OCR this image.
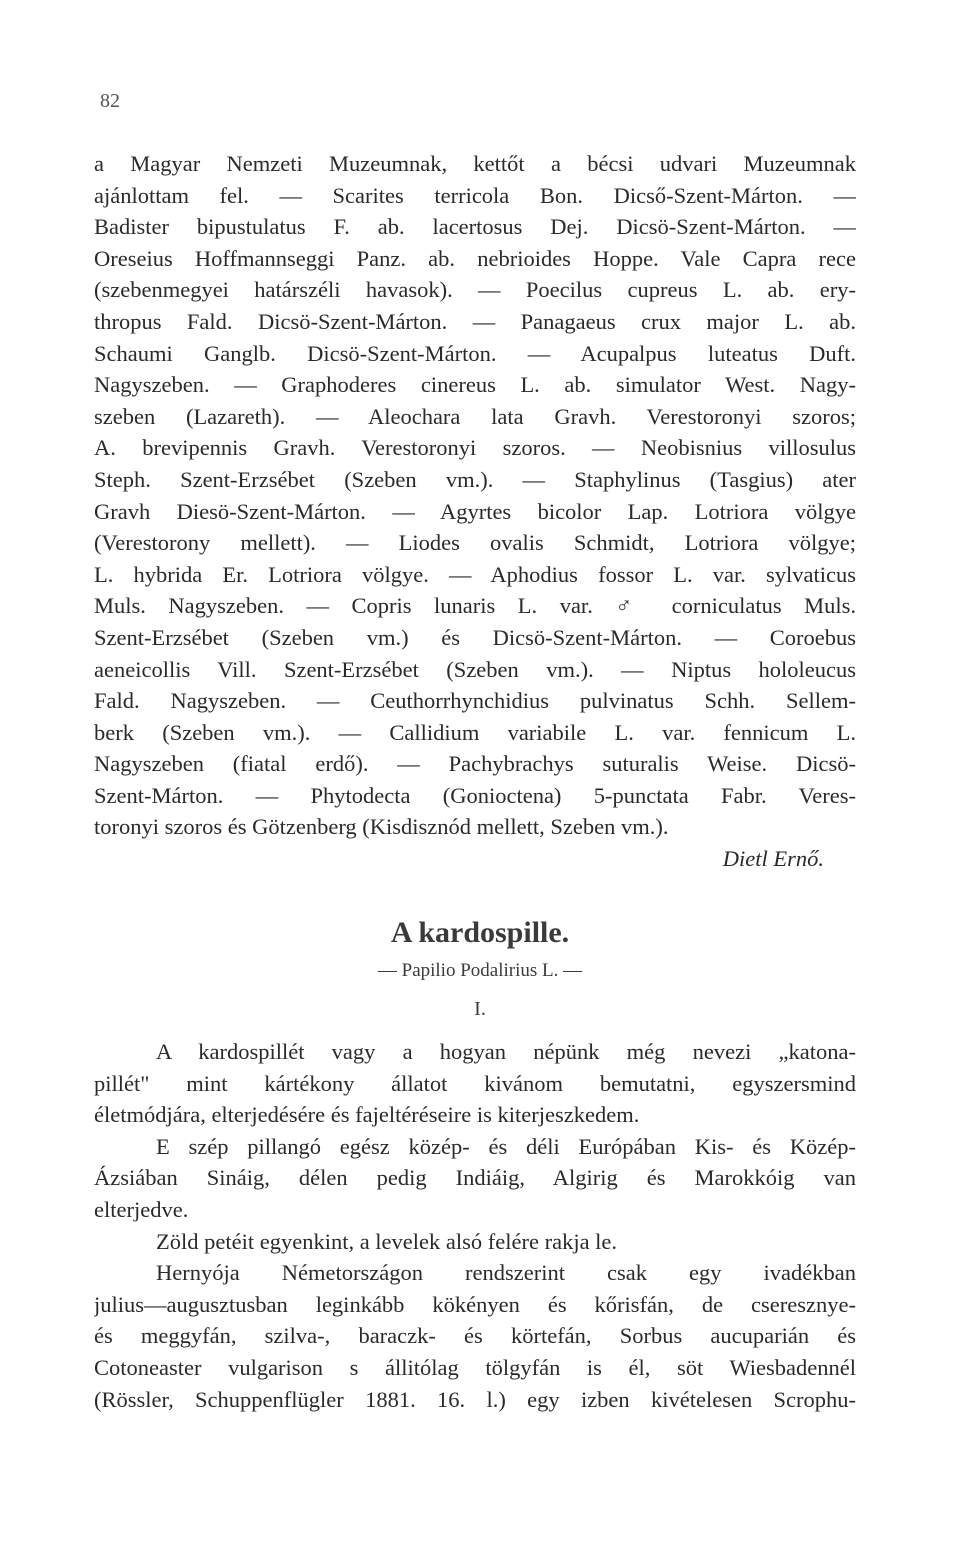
82
a Magyar Nemzeti Muzeumnak, kettőt a bécsi udvari Muzeumnak
ajánlottam fel. — Scarites terricola Bon. Dicső-Szent-Márton. —
Badister bipustulatus F. ab. lacertosus Dej. Dicsö-Szent-Márton. —
Oreseius Hoffmannseggi Panz. ab. nebrioides Hoppe. Vale Capra rece
(szebenmegyei határszéli havasok). — Poecilus cupreus L. ab. ery-
thropus Fald. Dicsö-Szent-Márton. — Panagaeus crux major L. ab.
Schaumi Ganglb. Dicsö-Szent-Márton. — Acupalpus luteatus Duft.
Nagyszeben. — Graphoderes cinereus L. ab. simulator West. Nagy-
szeben (Lazareth). — Aleochara lata Gravh. Verestoronyi szoros;
A. brevipennis Gravh. Verestoronyi szoros. — Neobisnius villosulus
Steph. Szent-Erzsébet (Szeben vm.). — Staphylinus (Tasgius) ater
Gravh Diesö-Szent-Márton. — Agyrtes bicolor Lap. Lotriora völgye
(Verestorony mellett). — Liodes ovalis Schmidt, Lotriora völgye;
L. hybrida Er. Lotriora völgye. — Aphodius fossor L. var. sylvaticus
Muls. Nagyszeben. — Copris lunaris L. var. ♂ corniculatus Muls.
Szent-Erzsébet (Szeben vm.) és Dicsö-Szent-Márton. — Coroebus
aeneicollis Vill. Szent-Erzsébet (Szeben vm.). — Niptus hololeucus
Fald. Nagyszeben. — Ceuthorrhynchidius pulvinatus Schh. Sellem-
berk (Szeben vm.). — Callidium variabile L. var. fennicum L.
Nagyszeben (fiatal erdő). — Pachybrachys suturalis Weise. Dicsö-
Szent-Márton. — Phytodecta (Gonioctena) 5-punctata Fabr. Veres-
toronyi szoros és Götzenberg (Kisdisznód mellett, Szeben vm.).
Dietl Ernő.
A kardospille.
— Papilio Podalirius L. —
I.
A kardospillét vagy a hogyan népünk még nevezi „katona-
pillét" mint kártékony állatot kivánom bemutatni, egyszersmind
életmódjára, elterjedésére és fajeltéréseire is kiterjeszkedem.
E szép pillangó egész közép- és déli Európában Kis- és Közép-
Ázsiában Sináig, délen pedig Indiáig, Algirig és Marokkóig van
elterjedve.
Zöld petéit egyenkint, a levelek alsó felére rakja le.
Hernyója Németországon rendszerint csak egy ivadékban
julius—augusztusban leginkább kökényen és kőrisfán, de cseresznye-
és meggyfán, szilva-, baraczk- és körtefán, Sorbus aucuparián és
Cotoneaster vulgarison s állitólag tölgyfán is él, söt Wiesbadennél
(Rössler, Schuppenflügler 1881. 16. l.) egy izben kivételesen Scrophu-
